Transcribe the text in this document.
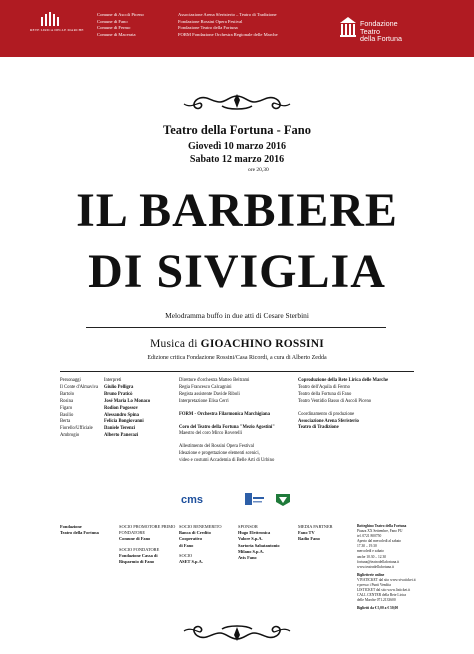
RETE LIRICA DELLE MARCHE
Comune di Ascoli Piceno
Comune di Fano
Comune di Fermo
Comune di Macerata
Associazione Arena Sferisterio – Teatro di Tradizione
Fondazione Rossini Opera Festival
Fondazione Teatro della Fortuna
FORM Fondazione Orchestra Regionale delle Marche
Fondazione
Teatro
della Fortuna
Teatro della Fortuna - Fano
Giovedì 10 marzo 2016
Sabato 12 marzo 2016
ore 20,30
IL BARBIERE
DI SIVIGLIA
Melodramma buffo in due atti di Cesare Sterbini
Musica di GIOACHINO ROSSINI
Edizione critica Fondazione Rossini/Casa Ricordi, a cura di Alberto Zedda
Personaggi
Il Conte d'Almaviva
Bartolo
Rosina
Figaro
Basilio
Berta
Fiorello/Ufficiale
Ambrogio
Interpreti
Giulio Pelligra
Bruno Praticò
José Maria Lo Monaco
Rodion Pogossov
Alessandro Spina
Felicia Bongiovanni
Daniele Terenzi
Alberto Panerazi
Direttore d'orchestra Matteo Beltrami
Regia Francesco Calcagnini
Regista assistente Davide Riboli
Interpretazione Elisa Cerri
FORM - Orchestra Filarmonica Marchigiana
Coro del Teatro della Fortuna "Mezio Agostini"
Maestro del coro Mirco Roverelli
Allestimento del Rossini Opera Festival
Ideazione e progettazione elementi scenici,
video e costumi Accademia di Belle Arti di Urbino
Coproduzione della Rete Lirica delle Marche
Teatro dell'Aquila di Fermo
Teatro della Fortuna di Fano
Teatro Ventidio Basso di Ascoli Piceno
Coordinamento di produzione
Associazione Arena Sferisterio
Teatro di Tradizione
cms
Fondazione
Teatro della Fortuna
SOCIO PROMOTORE PRIMO
FONDATORE
Comune di Fano
SOCIO FONDATORE
Fondazione Cassa di
Risparmio di Fano
SOCIO BENEMERITO
Banca di Credito
Cooperativo
di Fano
SOCIO
ASET S.p.A.
SPONSOR
Hugo Elettronica
Valore S.p.A.
Sartoria Sabatantonio
Milano S.p.A.
Avis Fano
MEDIA PARTNER
Fano TV
Radio Fano
Botteghino Teatro della Fortuna
Piazza XX Settembre, Fano PU
tel. 0721 800750
Aperto dal mercoledì al sabato
17.30 – 19.30
mercoledì e sabato
anche 10.30 – 12.30
fortuna@teatrodellafortuna.it
www.teatrodellafortuna.it
Biglietterie online
VIVATICKET dal sito www.vivaticket.it
e presso i Punti Vendita
LISTICKET dal sito www.listicket.it
CALL CENTER della Rete Lirica
delle Marche 071.2133600
Biglietti da € 5,00 a € 50,00
